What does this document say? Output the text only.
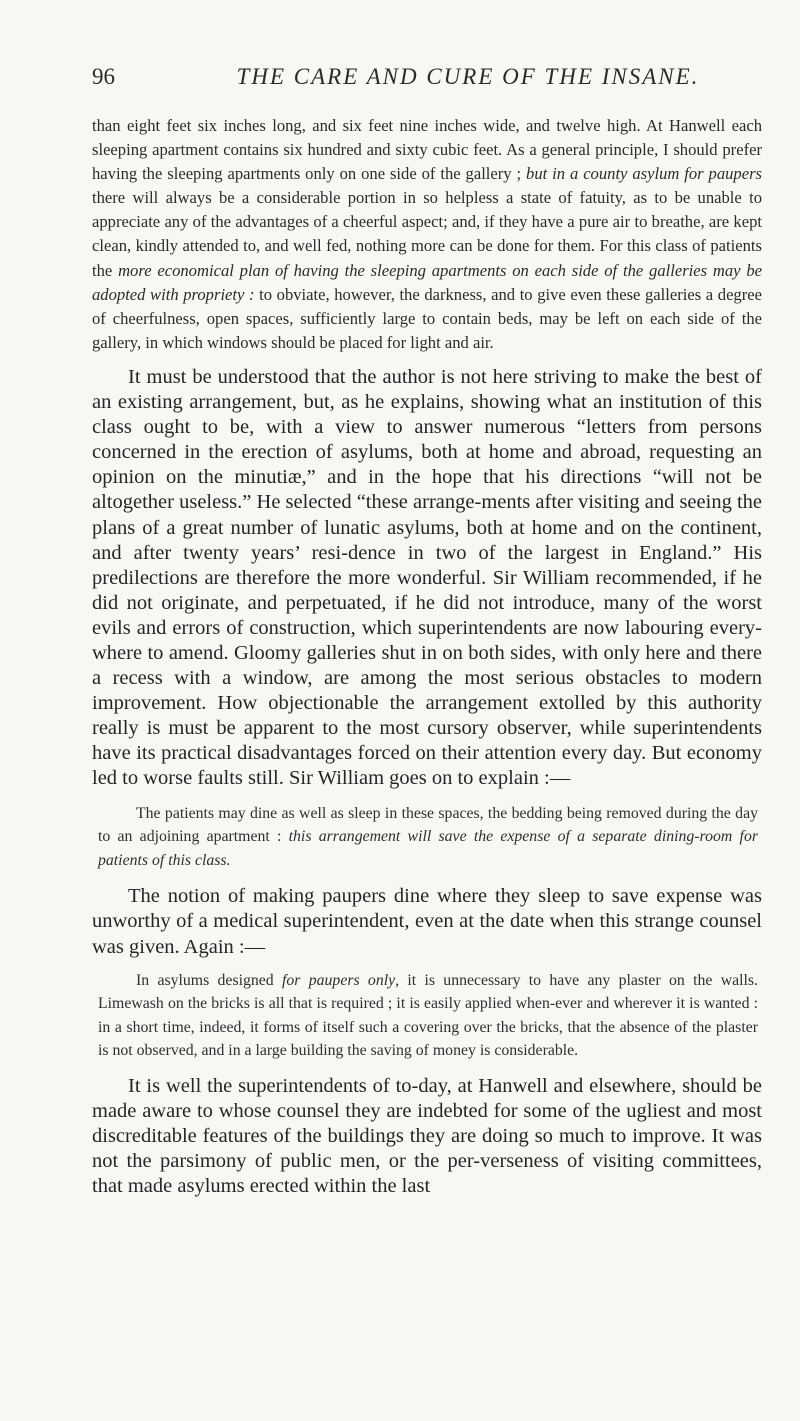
96	THE CARE AND CURE OF THE INSANE.

than eight feet six inches long, and six feet nine inches wide, and twelve high. At Hanwell each sleeping apartment contains six hundred and sixty cubic feet. As a general principle, I should prefer having the sleeping apartments only on one side of the gallery ; but in a county asylum for paupers there will always be a considerable portion in so helpless a state of fatuity, as to be unable to appreciate any of the advantages of a cheerful aspect; and, if they have a pure air to breathe, are kept clean, kindly attended to, and well fed, nothing more can be done for them. For this class of patients the more economical plan of having the sleeping apartments on each side of the galleries may be adopted with propriety : to obviate, however, the darkness, and to give even these galleries a degree of cheerfulness, open spaces, sufficiently large to contain beds, may be left on each side of the gallery, in which windows should be placed for light and air.

It must be understood that the author is not here striving to make the best of an existing arrangement, but, as he explains, showing what an institution of this class ought to be, with a view to answer numerous “letters from persons concerned in the erection of asylums, both at home and abroad, requesting an opinion on the minutiæ,” and in the hope that his directions “will not be altogether useless.” He selected “these arrange-ments after visiting and seeing the plans of a great number of lunatic asylums, both at home and on the continent, and after twenty years’ resi-dence in two of the largest in England.” His predilections are therefore the more wonderful. Sir William recommended, if he did not originate, and perpetuated, if he did not introduce, many of the worst evils and errors of construction, which superintendents are now labouring every-where to amend. Gloomy galleries shut in on both sides, with only here and there a recess with a window, are among the most serious obstacles to modern improvement. How objectionable the arrangement extolled by this authority really is must be apparent to the most cursory observer, while superintendents have its practical disadvantages forced on their attention every day. But economy led to worse faults still. Sir William goes on to explain :—

The patients may dine as well as sleep in these spaces, the bedding being removed during the day to an adjoining apartment : this arrangement will save the expense of a separate dining-room for patients of this class.

The notion of making paupers dine where they sleep to save expense was unworthy of a medical superintendent, even at the date when this strange counsel was given. Again :—

In asylums designed for paupers only, it is unnecessary to have any plaster on the walls. Limewash on the bricks is all that is required ; it is easily applied when-ever and wherever it is wanted : in a short time, indeed, it forms of itself such a covering over the bricks, that the absence of the plaster is not observed, and in a large building the saving of money is considerable.

It is well the superintendents of to-day, at Hanwell and elsewhere, should be made aware to whose counsel they are indebted for some of the ugliest and most discreditable features of the buildings they are doing so much to improve. It was not the parsimony of public men, or the per-verseness of visiting committees, that made asylums erected within the last
